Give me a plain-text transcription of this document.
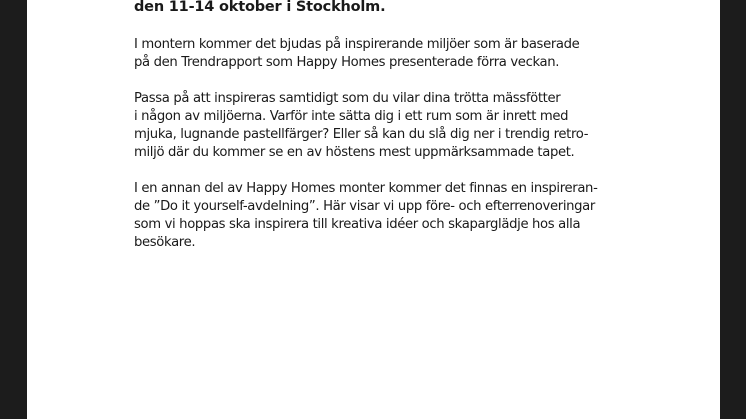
den 11-14 oktober i Stockholm.

I montern kommer det bjudas på inspirerande miljöer som är baserade
på den Trendrapport som Happy Homes presenterade förra veckan.

Passa på att inspireras samtidigt som du vilar dina trötta mässfötter
i någon av miljöerna. Varför inte sätta dig i ett rum som är inrett med
mjuka, lugnande pastellfärger? Eller så kan du slå dig ner i trendig retro-
miljö där du kommer se en av höstens mest uppmärksammade tapet.

I en annan del av Happy Homes monter kommer det finnas en inspireran-
de ”Do it yourself-avdelning”. Här visar vi upp före- och efterrenoveringar
som vi hoppas ska inspirera till kreativa idéer och skaparglädje hos alla
besökare.
